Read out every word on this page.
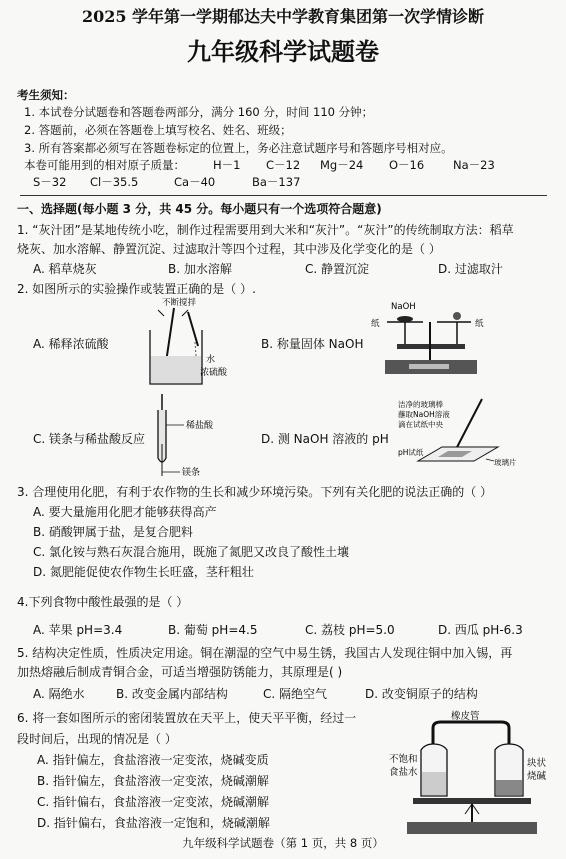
2025 学年第一学期郁达夫中学教育集团第一次学情诊断
九年级科学试题卷
考生须知：
1. 本试卷分试题卷和答题卷两部分，满分 160 分，时间 110 分钟；
2. 答题前，必须在答题卷上填写校名、姓名、班级；
3. 所有答案都必须写在答题卷标定的位置上，务必注意试题序号和答题序号相对应。
本卷可能用到的相对原子质量： H－1 C－12 Mg－24 O－16	Na－23
S－32 Cl－35.5	Ca－40	Ba－137
一、选择题(每小题 3 分，共 45 分。每小题只有一个选项符合题意)
1. “灰汁团”是某地传统小吃，制作过程需要用到大米和“灰汁”。“灰汁”的传统制取方法：稻草
烧灰、加水溶解、静置沉淀、过滤取汁等四个过程，其中涉及化学变化的是（ ）
A. 稻草烧灰	B. 加水溶解	C. 静置沉淀	D. 过滤取汁
2. 如图所示的实验操作或装置正确的是（ ）.
A. 稀释浓硫酸	B. 称量固体 NaOH
C. 镁条与稀盐酸反应	D. 测 NaOH 溶液的 pH
不断搅拌
水
浓硫酸
NaOH
纸	纸
稀盐酸
镁条
洁净的玻璃棒
蘸取NaOH溶液
滴在试纸中央
pH试纸
玻璃片
3. 合理使用化肥，有利于农作物的生长和减少环境污染。下列有关化肥的说法正确的（ ）
A. 要大量施用化肥才能够获得高产
B. 硝酸钾属于盐，是复合肥料
C. 氯化铵与熟石灰混合施用，既施了氮肥又改良了酸性土壤
D. 氮肥能促使农作物生长旺盛，茎秆粗壮
4.下列食物中酸性最强的是（ ）
A. 苹果 pH=3.4	B. 葡萄 pH=4.5	C. 荔枝 pH=5.0	D. 西瓜 pH-6.3
5. 结构决定性质，性质决定用途。铜在潮湿的空气中易生锈，我国古人发现往铜中加入锡，再
加热熔融后制成青铜合金，可适当增强防锈能力，其原理是( )
A. 隔绝水	B. 改变金属内部结构	C. 隔绝空气	D. 改变铜原子的结构
6. 将一套如图所示的密闭装置放在天平上，使天平平衡，经过一
段时间后，出现的情况是（ ）
A. 指针偏左，食盐溶液一定变浓，烧碱变质
B. 指针偏左，食盐溶液一定变浓，烧碱潮解
C. 指针偏右，食盐溶液一定变浓，烧碱潮解
D. 指针偏右，食盐溶液一定饱和，烧碱潮解
橡皮管
不饱和
食盐水
块状
烧碱
九年级科学试题卷（第 1 页，共 8 页）
